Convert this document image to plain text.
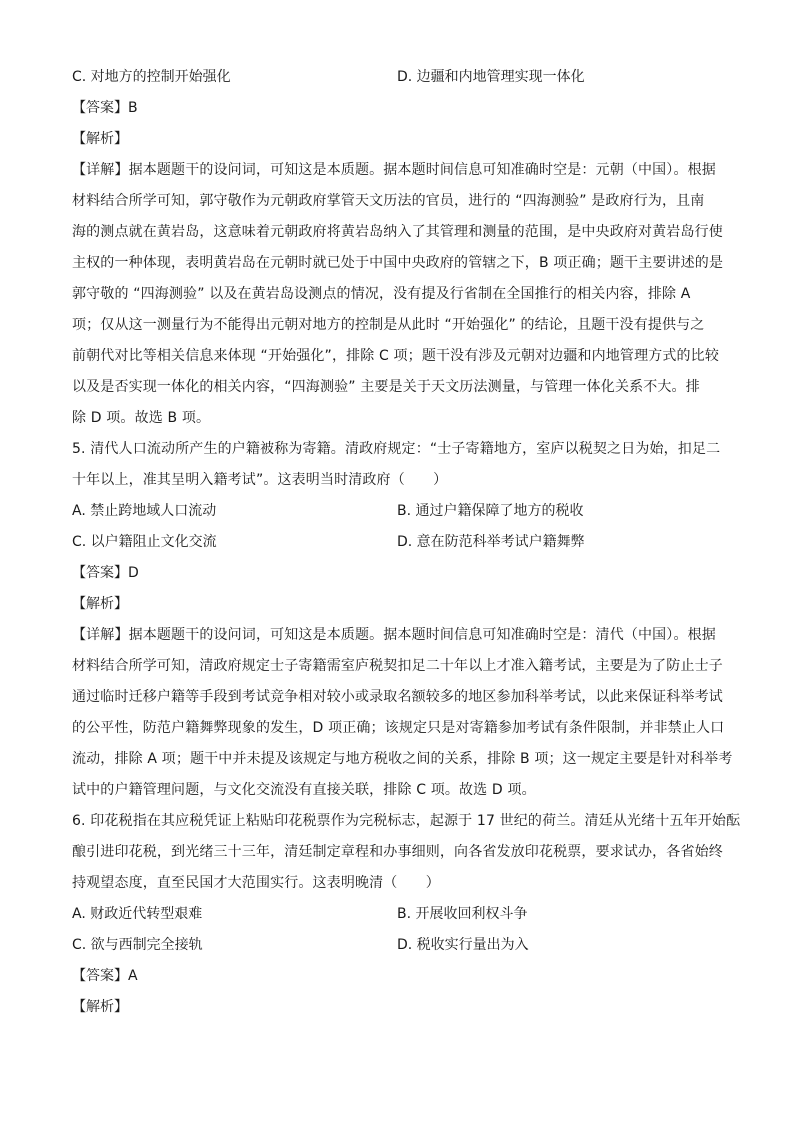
C. 对地方的控制开始强化	D. 边疆和内地管理实现一体化
【答案】B
【解析】
【详解】据本题题干的设问词，可知这是本质题。据本题时间信息可知准确时空是：元朝（中国）。根据
材料结合所学可知，郭守敬作为元朝政府掌管天文历法的官员，进行的 “四海测验” 是政府行为，且南
海的测点就在黄岩岛，这意味着元朝政府将黄岩岛纳入了其管理和测量的范围，是中央政府对黄岩岛行使
主权的一种体现，表明黄岩岛在元朝时就已处于中国中央政府的管辖之下，B 项正确；题干主要讲述的是
郭守敬的 “四海测验” 以及在黄岩岛设测点的情况，没有提及行省制在全国推行的相关内容，排除 A
项；仅从这一测量行为不能得出元朝对地方的控制是从此时 “开始强化” 的结论，且题干没有提供与之
前朝代对比等相关信息来体现 “开始强化”，排除 C 项；题干没有涉及元朝对边疆和内地管理方式的比较
以及是否实现一体化的相关内容，“四海测验” 主要是关于天文历法测量，与管理一体化关系不大。排
除 D 项。故选 B 项。
5. 清代人口流动所产生的户籍被称为寄籍。清政府规定：“士子寄籍地方，室庐以税契之日为始，扣足二
十年以上，准其呈明入籍考试”。这表明当时清政府（　　）
A. 禁止跨地域人口流动	B. 通过户籍保障了地方的税收
C. 以户籍阻止文化交流	D. 意在防范科举考试户籍舞弊
【答案】D
【解析】
【详解】据本题题干的设问词，可知这是本质题。据本题时间信息可知准确时空是：清代（中国）。根据
材料结合所学可知，清政府规定士子寄籍需室庐税契扣足二十年以上才准入籍考试，主要是为了防止士子
通过临时迁移户籍等手段到考试竞争相对较小或录取名额较多的地区参加科举考试，以此来保证科举考试
的公平性，防范户籍舞弊现象的发生，D 项正确；该规定只是对寄籍参加考试有条件限制，并非禁止人口
流动，排除 A 项；题干中并未提及该规定与地方税收之间的关系，排除 B 项；这一规定主要是针对科举考
试中的户籍管理问题，与文化交流没有直接关联，排除 C 项。故选 D 项。
6. 印花税指在其应税凭证上粘贴印花税票作为完税标志，起源于 17 世纪的荷兰。清廷从光绪十五年开始酝
酿引进印花税，到光绪三十三年，清廷制定章程和办事细则，向各省发放印花税票，要求试办，各省始终
持观望态度，直至民国才大范围实行。这表明晚清（　　）
A. 财政近代转型艰难	B. 开展收回利权斗争
C. 欲与西制完全接轨	D. 税收实行量出为入
【答案】A
【解析】
